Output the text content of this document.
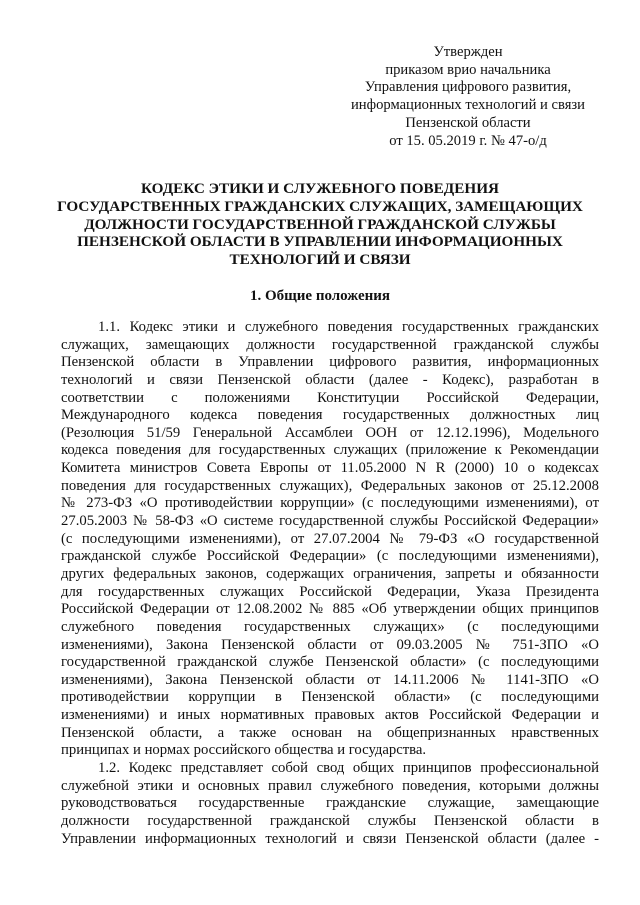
Утвержден
приказом врио начальника
Управления цифрового развития,
информационных технологий и связи
Пензенской области
от 15. 05.2019 г. № 47-о/д
КОДЕКС ЭТИКИ И СЛУЖЕБНОГО ПОВЕДЕНИЯ
ГОСУДАРСТВЕННЫХ ГРАЖДАНСКИХ СЛУЖАЩИХ, ЗАМЕЩАЮЩИХ
ДОЛЖНОСТИ ГОСУДАРСТВЕННОЙ ГРАЖДАНСКОЙ СЛУЖБЫ
ПЕНЗЕНСКОЙ ОБЛАСТИ В УПРАВЛЕНИИ ИНФОРМАЦИОННЫХ
ТЕХНОЛОГИЙ И СВЯЗИ
1. Общие положения
1.1. Кодекс этики и служебного поведения государственных гражданских
служащих, замещающих должности государственной гражданской службы
Пензенской области в Управлении цифрового развития, информационных
технологий и связи Пензенской области (далее - Кодекс), разработан в
соответствии с положениями Конституции Российской Федерации,
Международного кодекса поведения государственных должностных лиц
(Резолюция 51/59 Генеральной Ассамблеи ООН от 12.12.1996), Модельного
кодекса поведения для государственных служащих (приложение к Рекомендации
Комитета министров Совета Европы от 11.05.2000 N R (2000) 10 о кодексах
поведения для государственных служащих), Федеральных законов от 25.12.2008
№ 273-ФЗ «О противодействии коррупции» (с последующими изменениями), от
27.05.2003 № 58-ФЗ «О системе государственной службы Российской Федерации»
(с последующими изменениями), от 27.07.2004 № 79-ФЗ «О государственной
гражданской службе Российской Федерации» (с последующими изменениями),
других федеральных законов, содержащих ограничения, запреты и обязанности
для государственных служащих Российской Федерации, Указа Президента
Российской Федерации от 12.08.2002 № 885 «Об утверждении общих принципов
служебного поведения государственных служащих» (с последующими
изменениями), Закона Пензенской области от 09.03.2005 № 751-ЗПО «О
государственной гражданской службе Пензенской области» (с последующими
изменениями), Закона Пензенской области от 14.11.2006 № 1141-ЗПО «О
противодействии коррупции в Пензенской области» (с последующими
изменениями) и иных нормативных правовых актов Российской Федерации и
Пензенской области, а также основан на общепризнанных нравственных
принципах и нормах российского общества и государства.
1.2. Кодекс представляет собой свод общих принципов профессиональной
служебной этики и основных правил служебного поведения, которыми должны
руководствоваться государственные гражданские служащие, замещающие
должности государственной гражданской службы Пензенской области в
Управлении информационных технологий и связи Пензенской области (далее -
